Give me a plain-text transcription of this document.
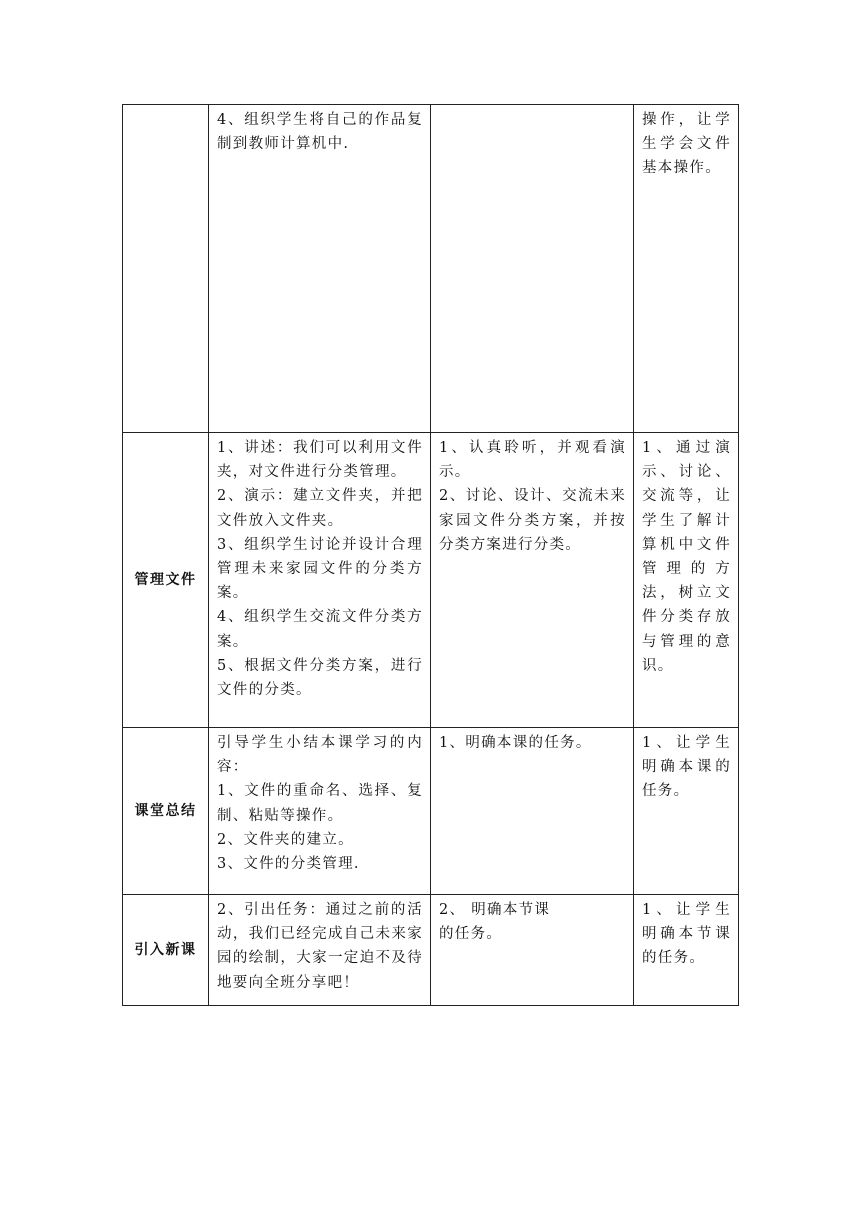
	4、组织学生将自己的作品复制到教师计算机中.		操作，让学生学会文件基本操作。

管理文件	1、讲述：我们可以利用文件夹，对文件进行分类管理。
2、演示：建立文件夹，并把文件放入文件夹。
3、组织学生讨论并设计合理管理未来家园文件的分类方案。
4、组织学生交流文件分类方案。
5、根据文件分类方案，进行文件的分类。	1、认真聆听，并观看演示。
2、讨论、设计、交流未来家园文件分类方案，并按分类方案进行分类。	1、通过演示、讨论、交流等，让学生了解计算机中文件管理的方法，树立文件分类存放与管理的意识。

课堂总结	引导学生小结本课学习的内容：
1、文件的重命名、选择、复制、粘贴等操作。
2、文件夹的建立。
3、文件的分类管理.	1、明确本课的任务。	1、让学生明确本课的任务。

引入新课	2、引出任务：通过之前的活动，我们已经完成自己未来家园的绘制，大家一定迫不及待地要向全班分享吧！	2、 明确本节课
的任务。	1、让学生明确本节课的任务。
